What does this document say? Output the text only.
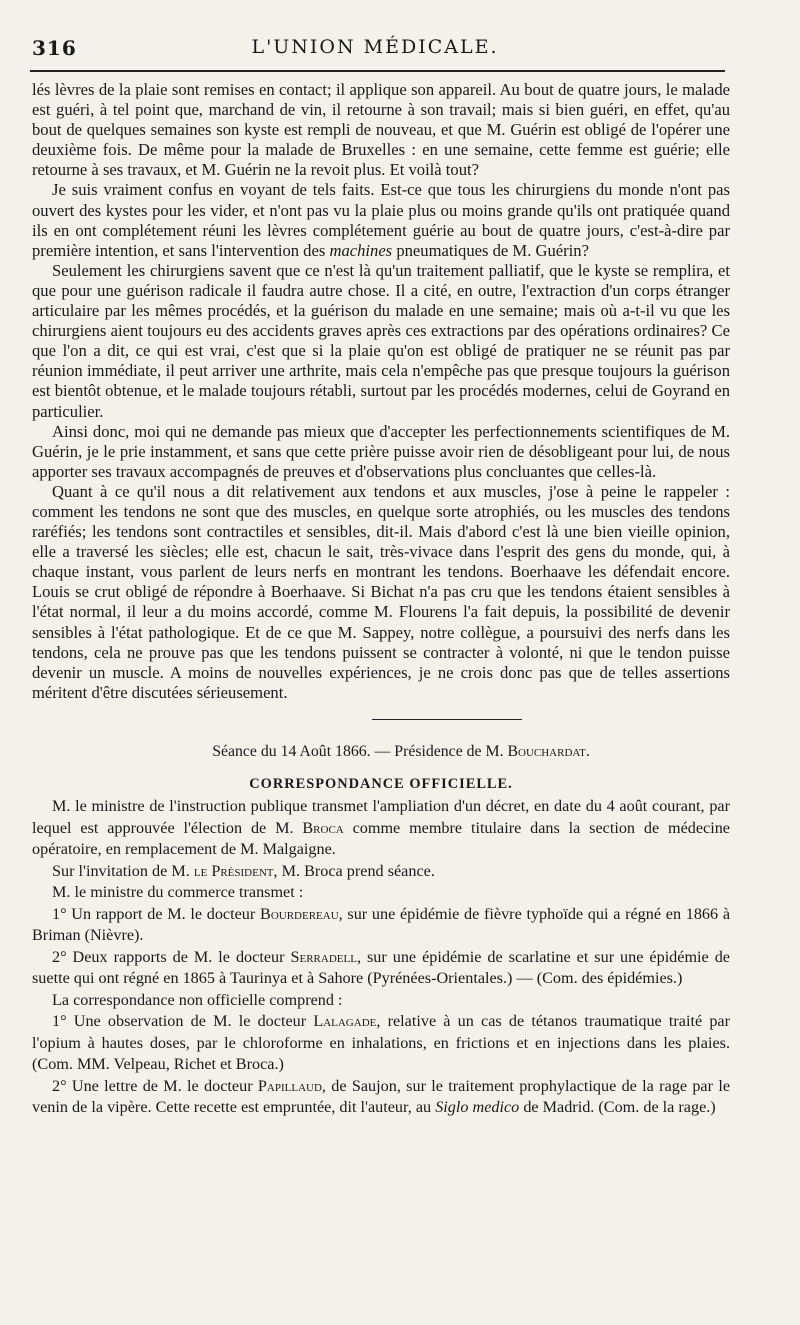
316	L'UNION MÉDICALE.

lés lèvres de la plaie sont remises en contact; il applique son appareil. Au bout de quatre jours, le malade est guéri, à tel point que, marchand de vin, il retourne à son travail; mais si bien guéri, en effet, qu'au bout de quelques semaines son kyste est rempli de nouveau, et que M. Guérin est obligé de l'opérer une deuxième fois. De même pour la malade de Bruxelles : en une semaine, cette femme est guérie; elle retourne à ses travaux, et M. Guérin ne la revoit plus. Et voilà tout?

Je suis vraiment confus en voyant de tels faits. Est-ce que tous les chirurgiens du monde n'ont pas ouvert des kystes pour les vider, et n'ont pas vu la plaie plus ou moins grande qu'ils ont pratiquée quand ils en ont complétement réuni les lèvres complétement guérie au bout de quatre jours, c'est-à-dire par première intention, et sans l'intervention des machines pneumatiques de M. Guérin?

Seulement les chirurgiens savent que ce n'est là qu'un traitement palliatif, que le kyste se remplira, et que pour une guérison radicale il faudra autre chose. Il a cité, en outre, l'extraction d'un corps étranger articulaire par les mêmes procédés, et la guérison du malade en une semaine; mais où a-t-il vu que les chirurgiens aient toujours eu des accidents graves après ces extractions par des opérations ordinaires? Ce que l'on a dit, ce qui est vrai, c'est que si la plaie qu'on est obligé de pratiquer ne se réunit pas par réunion immédiate, il peut arriver une arthrite, mais cela n'empêche pas que presque toujours la guérison est bientôt obtenue, et le malade toujours rétabli, surtout par les procédés modernes, celui de Goyrand en particulier.

Ainsi donc, moi qui ne demande pas mieux que d'accepter les perfectionnements scientifiques de M. Guérin, je le prie instamment, et sans que cette prière puisse avoir rien de désobligeant pour lui, de nous apporter ses travaux accompagnés de preuves et d'observations plus concluantes que celles-là.

Quant à ce qu'il nous a dit relativement aux tendons et aux muscles, j'ose à peine le rappeler : comment les tendons ne sont que des muscles, en quelque sorte atrophiés, ou les muscles des tendons raréfiés; les tendons sont contractiles et sensibles, dit-il. Mais d'abord c'est là une bien vieille opinion, elle a traversé les siècles; elle est, chacun le sait, très-vivace dans l'esprit des gens du monde, qui, à chaque instant, vous parlent de leurs nerfs en montrant les tendons. Boerhaave les défendait encore. Louis se crut obligé de répondre à Boerhaave. Si Bichat n'a pas cru que les tendons étaient sensibles à l'état normal, il leur a du moins accordé, comme M. Flourens l'a fait depuis, la possibilité de devenir sensibles à l'état pathologique. Et de ce que M. Sappey, notre collègue, a poursuivi des nerfs dans les tendons, cela ne prouve pas que les tendons puissent se contracter à volonté, ni que le tendon puisse devenir un muscle. A moins de nouvelles expériences, je ne crois donc pas que de telles assertions méritent d'être discutées sérieusement.

Séance du 14 Août 1866. — Présidence de M. Bouchardat.
CORRESPONDANCE OFFICIELLE.

M. le ministre de l'instruction publique transmet l'ampliation d'un décret, en date du 4 août courant, par lequel est approuvée l'élection de M. Broca comme membre titulaire dans la section de médecine opératoire, en remplacement de M. Malgaigne.

Sur l'invitation de M. le Président, M. Broca prend séance.

M. le ministre du commerce transmet :

1° Un rapport de M. le docteur Bourdereau, sur une épidémie de fièvre typhoïde qui a régné en 1866 à Briman (Nièvre).

2° Deux rapports de M. le docteur Serradell, sur une épidémie de scarlatine et sur une épidémie de suette qui ont régné en 1865 à Taurinya et à Sahore (Pyrénées-Orientales.) — (Com. des épidémies.)

La correspondance non officielle comprend :

1° Une observation de M. le docteur Lalagade, relative à un cas de tétanos traumatique traité par l'opium à hautes doses, par le chloroforme en inhalations, en frictions et en injections dans les plaies. (Com. MM. Velpeau, Richet et Broca.)

2° Une lettre de M. le docteur Papillaud, de Saujon, sur le traitement prophylactique de la rage par le venin de la vipère. Cette recette est empruntée, dit l'auteur, au Siglo medico de Madrid. (Com. de la rage.)
